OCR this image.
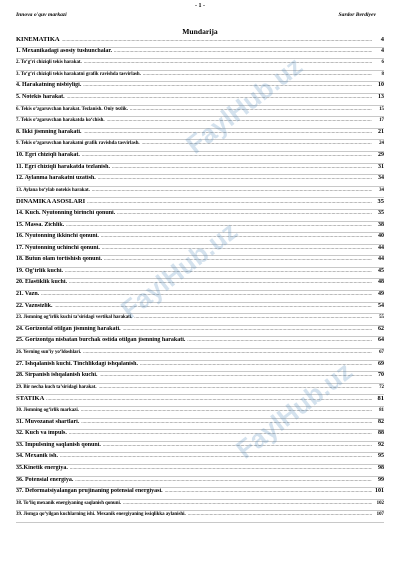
- 1 -
Innova o'quv markazi	Sardor Berdiyev
Mundarija
KINEMATIKA .....	4
1. Mexanikadagi asosiy tushunchalar. .....	4
2. To‘g‘ri chiziqli tekis harakat. .....	6
3. To‘g‘ri chiziqli tekis harakatni grafik ravishda tasvirlash. .....	8
4. Harakatning nisbiyligi. .....	10
5. Notekis harakat. .....	13
6. Tekis o‘zgaruvchan harakat. Tezlanish. Oniy tezlik. .....	15
7. Tekis o‘zgaruvchan harakatda ko‘chish. .....	17
8. Ikki jismning harakati. .....	21
9. Tekis o‘zgaruvchan harakatni grafik ravishda tasvirlash. .....	24
10. Egri chiziqli harakat. .....	29
11. Egri chiziqli harakatda tezlanish. .....	31
12. Aylanma harakatni uzatish. .....	34
13. Aylana bo‘ylab notekis harakat. .....	34
DINAMIKA ASOSLARI .....	35
14. Kuch. Nyutonning birinchi qonuni. .....	35
15. Massa. Zichlik. .....	38
16. Nyutonning ikkinchi qonuni. .....	40
17. Nyutonning uchinchi qonuni. .....	44
18. Butun olam tortishish qonuni. .....	44
19. Og‘irlik kuchi. .....	45
20. Elastiklik kuchi. .....	48
21. Vazn. .....	49
22. Vaznsizlik. .....	54
23. Jismning og‘irlik kuchi ta’siridagi vertikal harakati. .....	55
24. Gorizontal otilgan jismning harakati. .....	62
25. Gorizontga nisbatan burchak ostida otilgan jismning harakati. .....	64
26. Yerning sun’iy yo‘ldoshlari. .....	67
27. Ishqalanish kuchi. Tinchlikdagi ishqalanish. .....	69
28. Sirpanish ishqalanish kuchi. .....	70
29. Bir necha kuch ta’siridagi harakat. .....	72
STATIKA .....	81
30. Jismning og‘irlik markazi. .....	81
31. Muvozanat shartlari. .....	82
32. Kuch va impuls. .....	88
33. Impulsning saqlanish qonuni. .....	92
34. Mexanik ish. .....	95
35.Kinetik energiya. .....	98
36. Potensial energiya. .....	99
37. Deformatsiyalangan prujinaning potensial energiyasi. .....	101
38. To‘liq mexanik energiyaning saqlanish qonuni. .....	102
39. Jismga qo‘yilgan kuchlarning ishi. Mexanik energiyaning issiqlikka aylanishi. .....	107
FaylHub.uz
FaylHub.uz
FaylHub.uz
